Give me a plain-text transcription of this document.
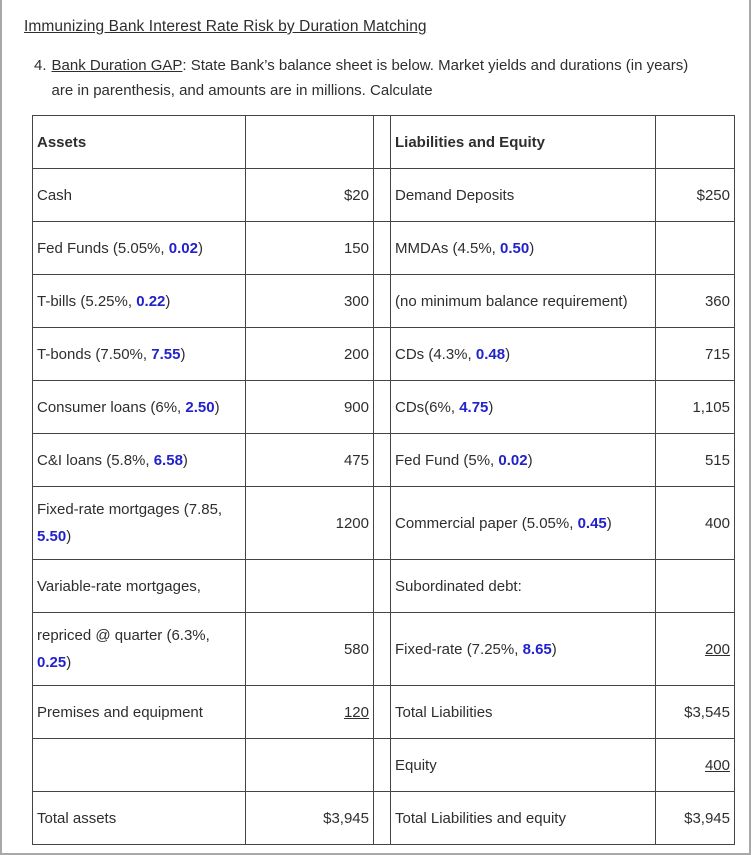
Immunizing Bank Interest Rate Risk by Duration Matching
4. Bank Duration GAP: State Bank’s balance sheet is below. Market yields and durations (in years)
are in parenthesis, and amounts are in millions. Calculate
Assets			Liabilities and Equity	
Cash	$20		Demand Deposits	$250
Fed Funds (5.05%, 0.02)	150		MMDAs (4.5%, 0.50)	
T-bills (5.25%, 0.22)	300		(no minimum balance requirement)	360
T-bonds (7.50%, 7.55)	200		CDs (4.3%, 0.48)	715
Consumer loans (6%, 2.50)	900		CDs(6%, 4.75)	1,105
C&I loans (5.8%, 6.58)	475		Fed Fund (5%, 0.02)	515
Fixed-rate mortgages (7.85, 5.50)	1200		Commercial paper (5.05%, 0.45)	400
Variable-rate mortgages,			Subordinated debt:	
repriced @ quarter (6.3%, 0.25)	580		Fixed-rate (7.25%, 8.65)	200
Premises and equipment	120		Total Liabilities	$3,545
			Equity	400
Total assets	$3,945		Total Liabilities and equity	$3,945
